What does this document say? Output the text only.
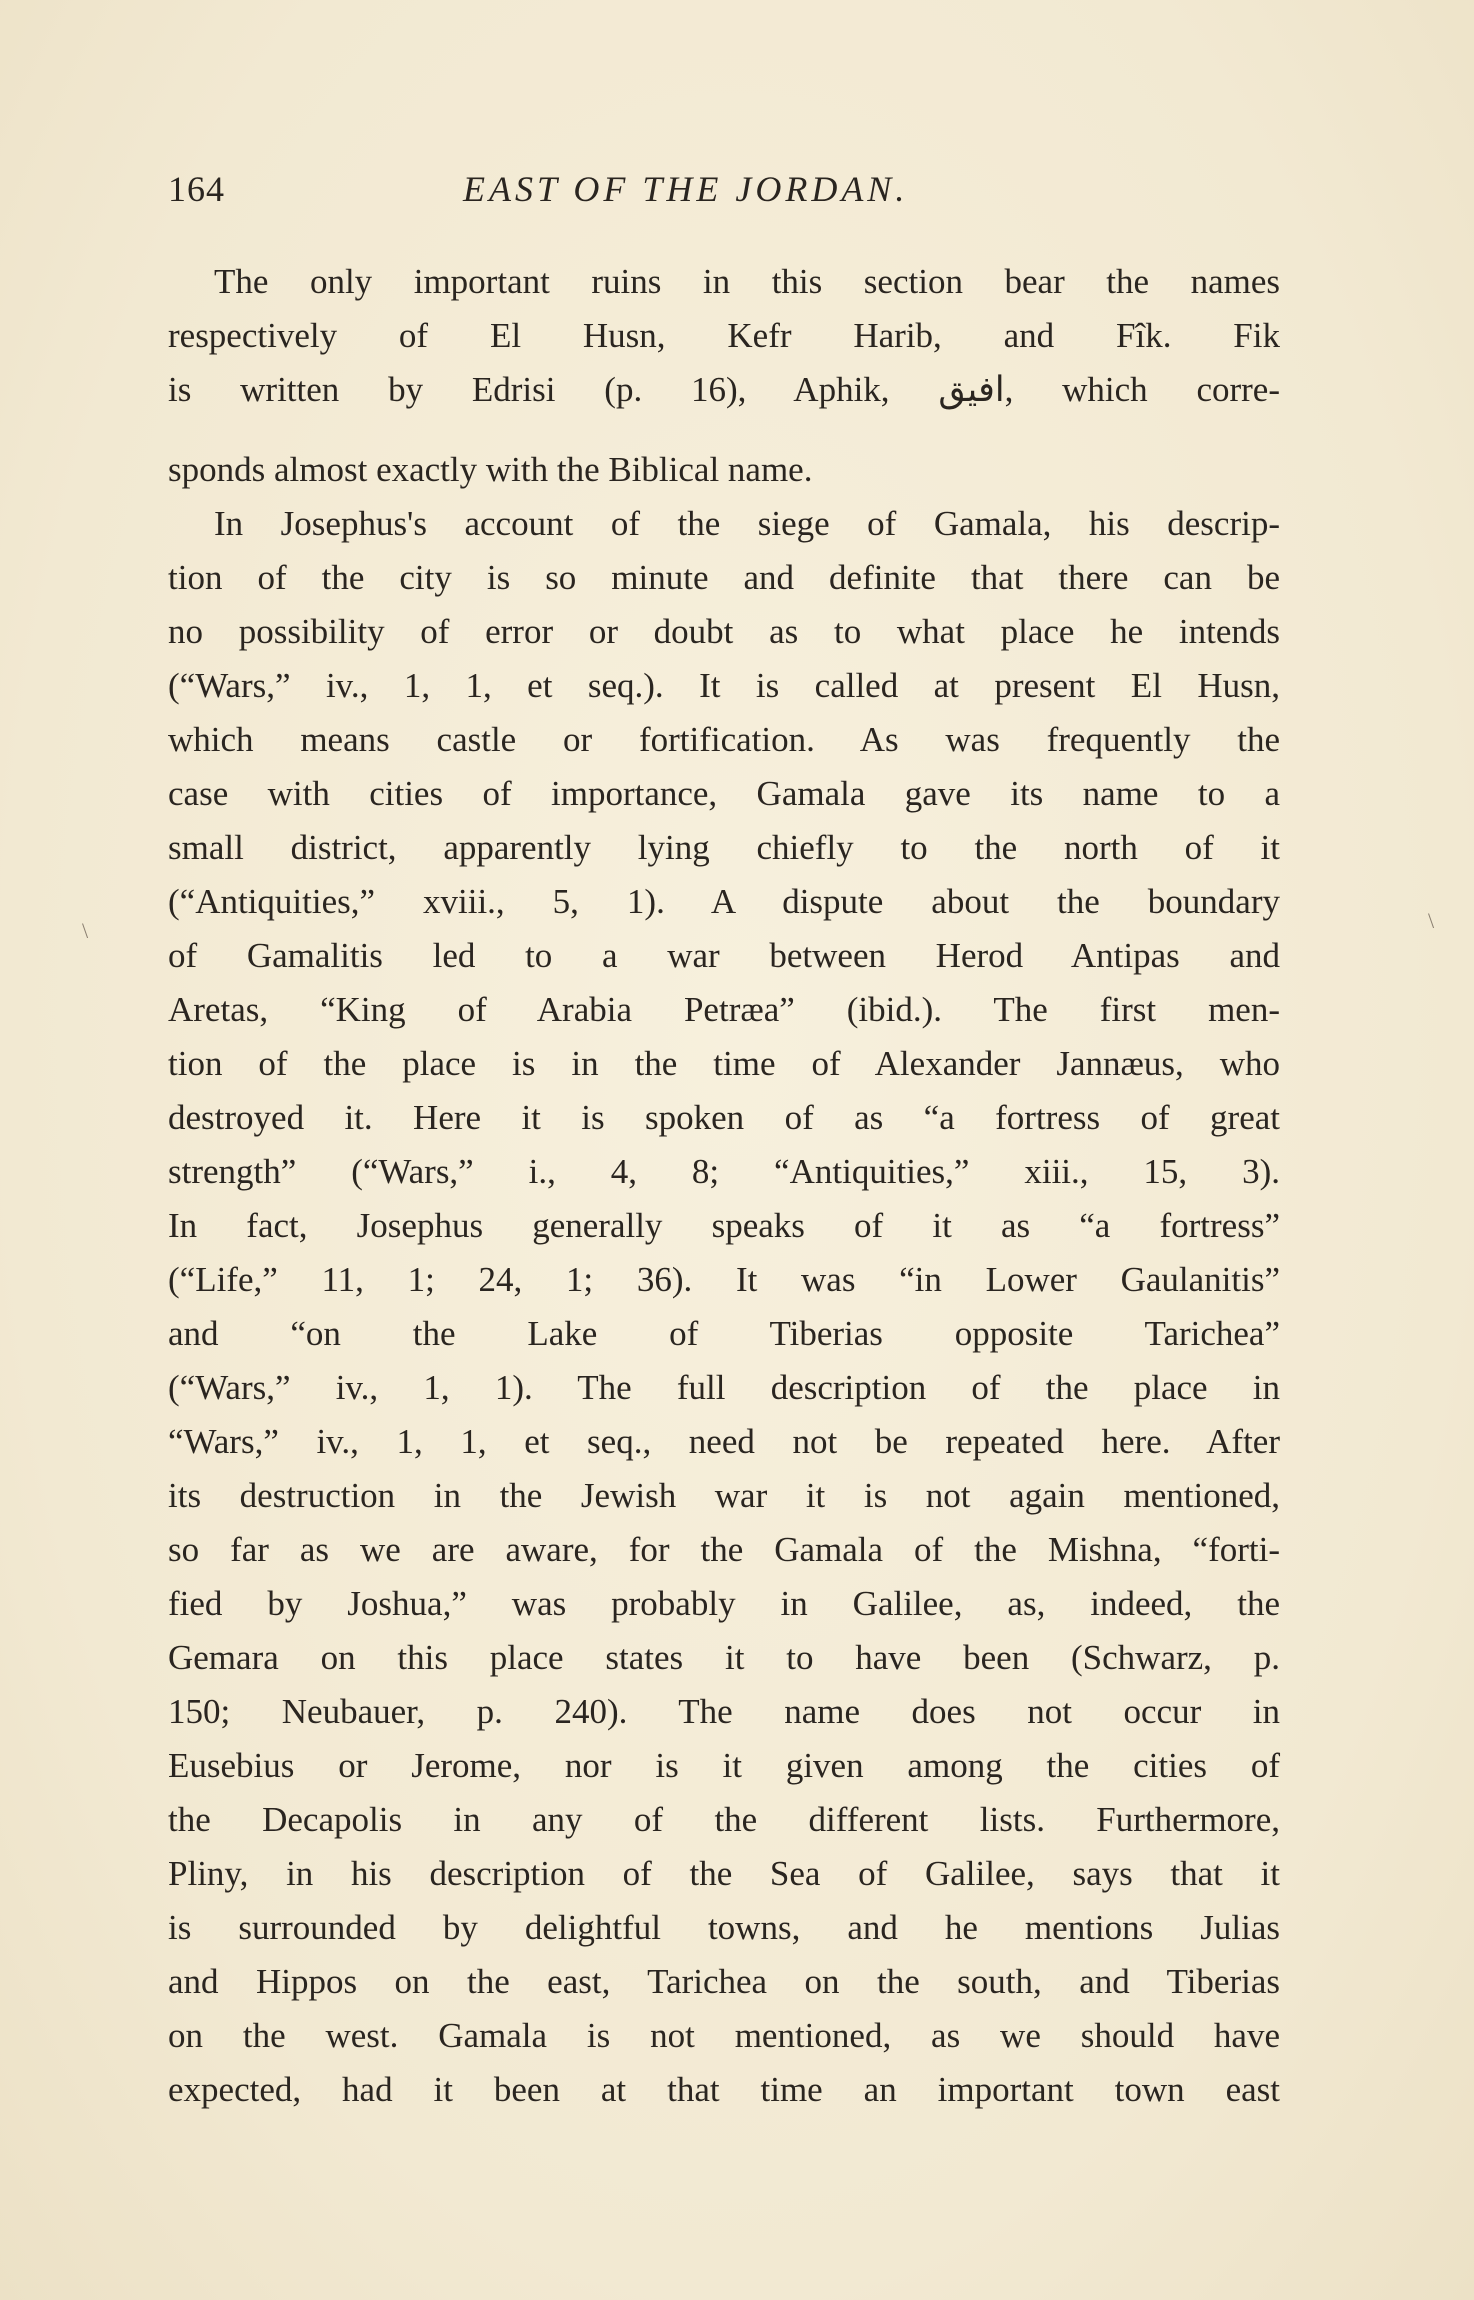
164	EAST OF THE JORDAN.
\	\
The only important ruins in this section bear the names
respectively of El Husn, Kefr Harib, and Fîk. Fik
is written by Edrisi (p. 16), Aphik, ﺍﻓﻴﻖ, which corre-
sponds almost exactly with the Biblical name.
In Josephus's account of the siege of Gamala, his descrip-
tion of the city is so minute and definite that there can be
no possibility of error or doubt as to what place he intends
(“Wars,” iv., 1, 1, et seq.). It is called at present El Husn,
which means castle or fortification. As was frequently the
case with cities of importance, Gamala gave its name to a
small district, apparently lying chiefly to the north of it
(“Antiquities,” xviii., 5, 1). A dispute about the boundary
of Gamalitis led to a war between Herod Antipas and
Aretas, “King of Arabia Petræa” (ibid.). The first men-
tion of the place is in the time of Alexander Jannæus, who
destroyed it. Here it is spoken of as “a fortress of great
strength” (“Wars,” i., 4, 8; “Antiquities,” xiii., 15, 3).
In fact, Josephus generally speaks of it as “a fortress”
(“Life,” 11, 1; 24, 1; 36). It was “in Lower Gaulanitis”
and “on the Lake of Tiberias opposite Tarichea”
(“Wars,” iv., 1, 1). The full description of the place in
“Wars,” iv., 1, 1, et seq., need not be repeated here. After
its destruction in the Jewish war it is not again mentioned,
so far as we are aware, for the Gamala of the Mishna, “forti-
fied by Joshua,” was probably in Galilee, as, indeed, the
Gemara on this place states it to have been (Schwarz, p.
150; Neubauer, p. 240). The name does not occur in
Eusebius or Jerome, nor is it given among the cities of
the Decapolis in any of the different lists. Furthermore,
Pliny, in his description of the Sea of Galilee, says that it
is surrounded by delightful towns, and he mentions Julias
and Hippos on the east, Tarichea on the south, and Tiberias
on the west. Gamala is not mentioned, as we should have
expected, had it been at that time an important town east
